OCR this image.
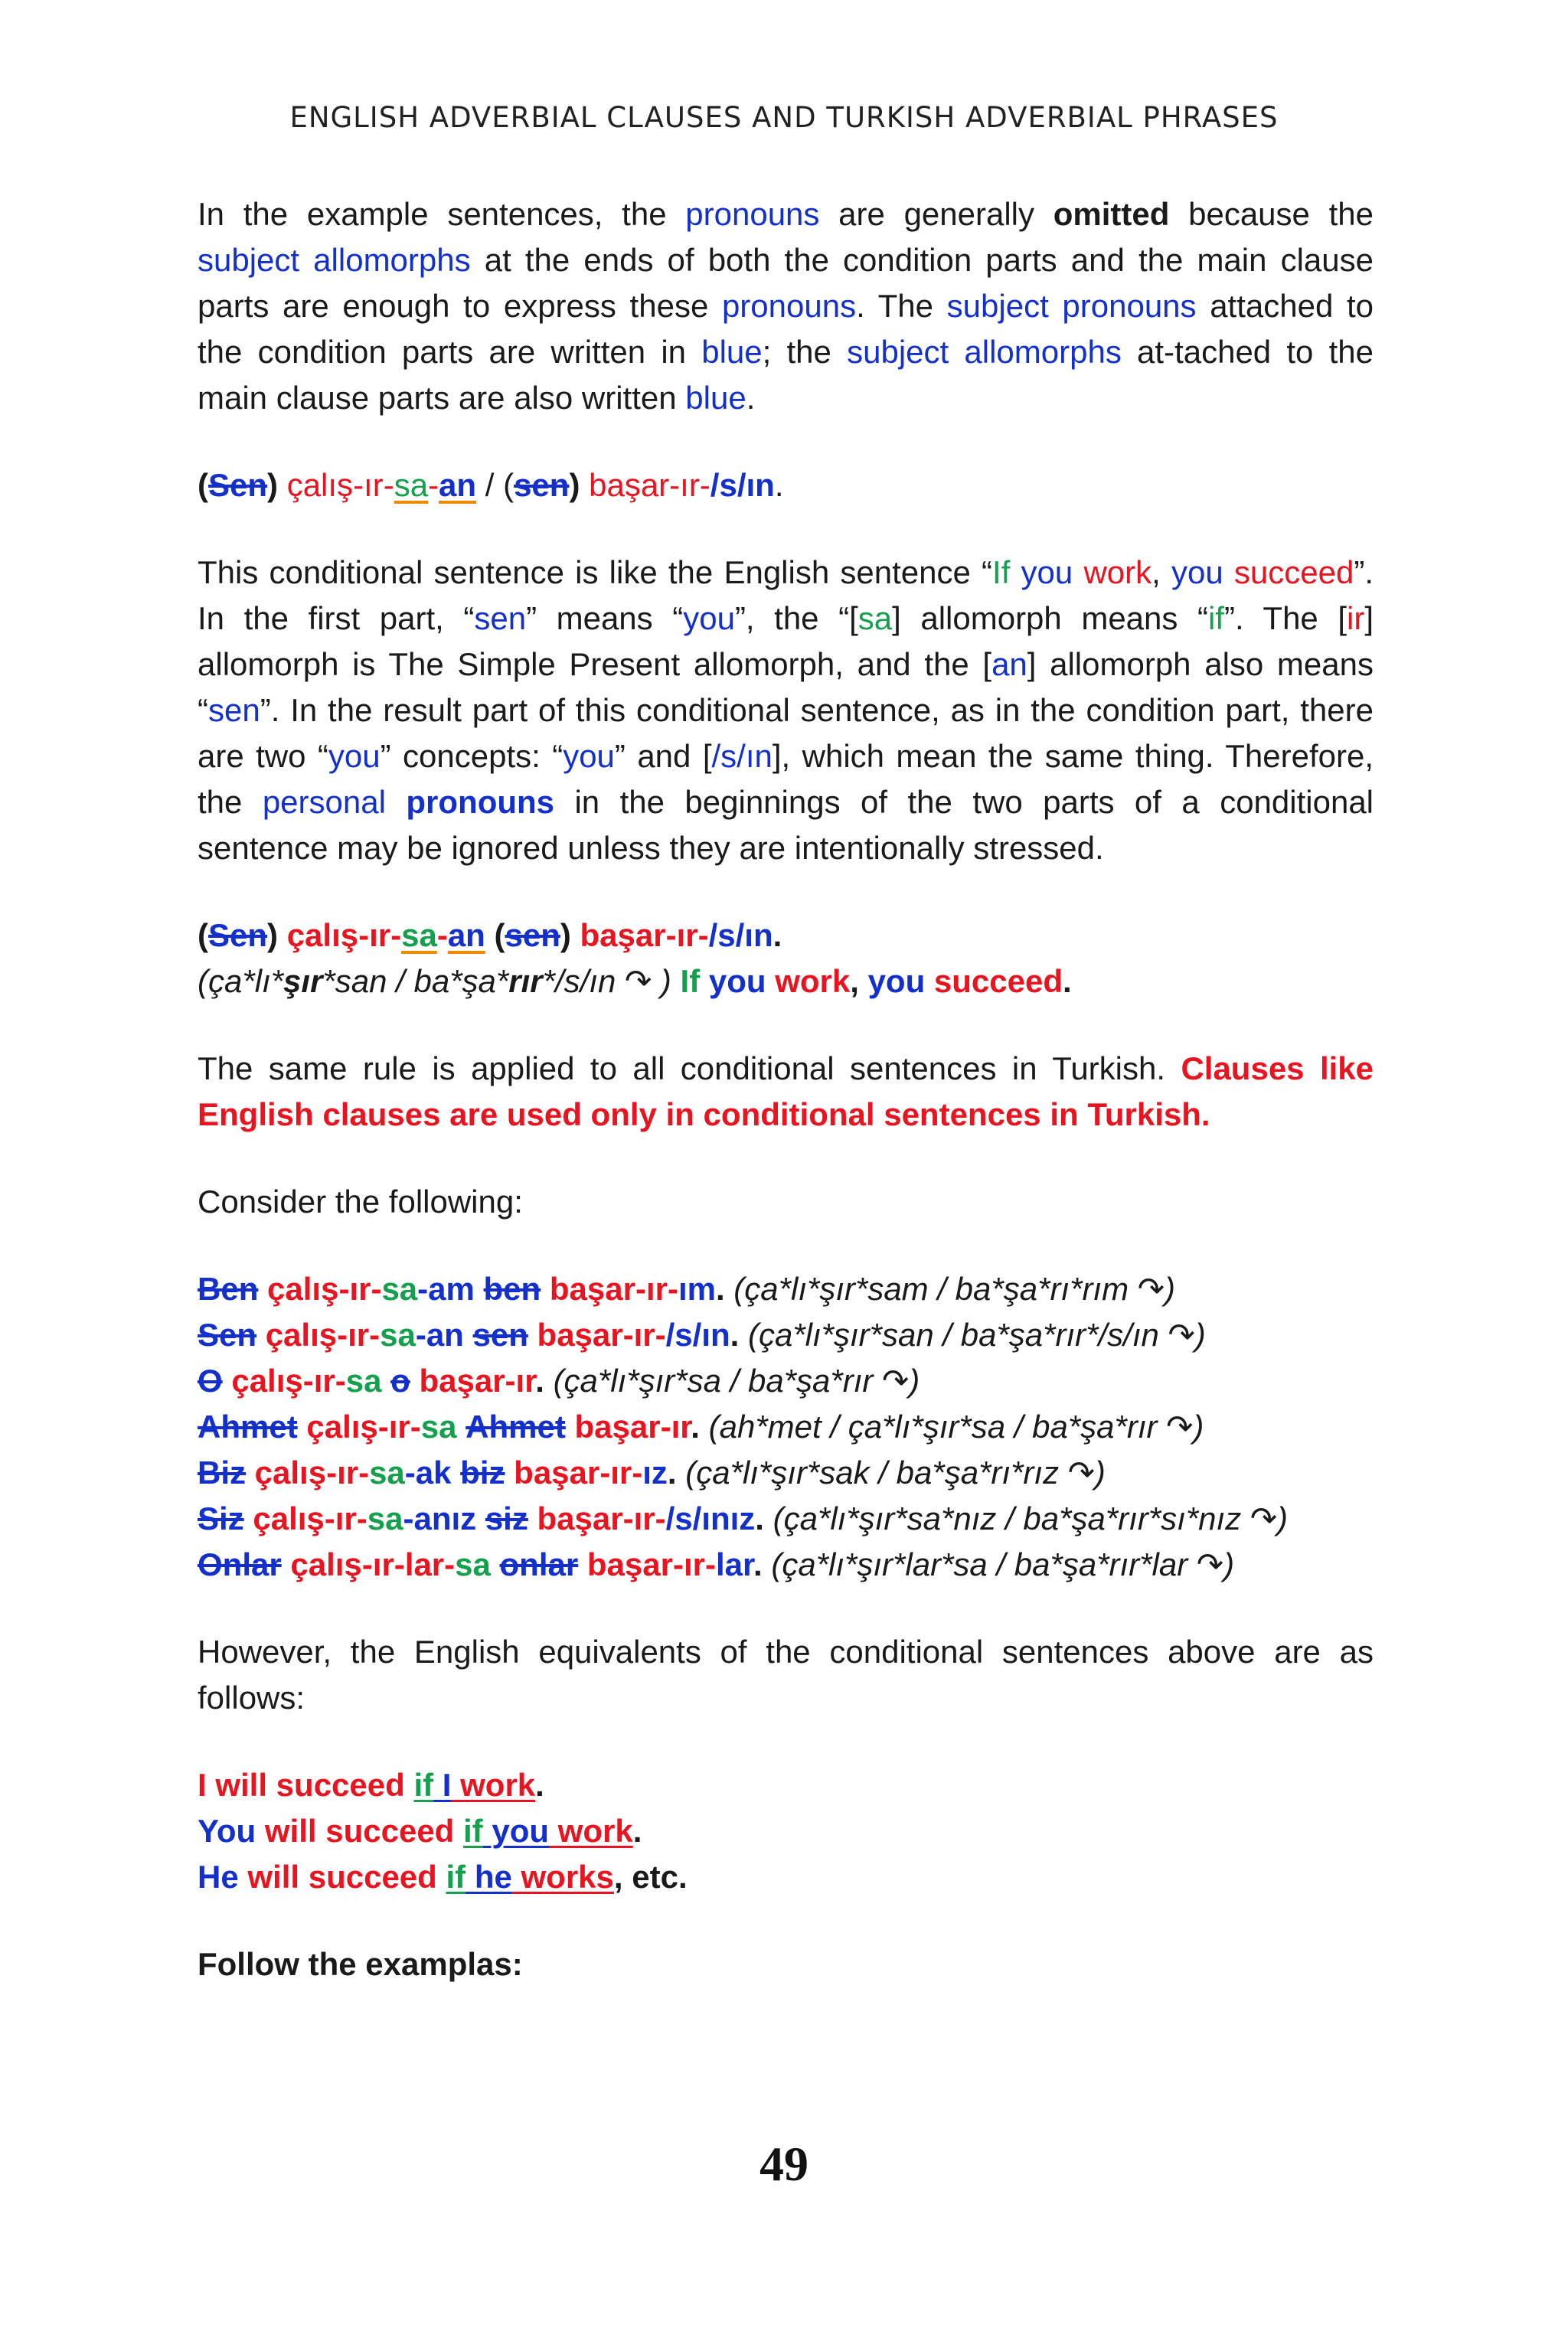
ENGLISH ADVERBIAL CLAUSES AND TURKISH ADVERBIAL PHRASES

In the example sentences, the pronouns are generally omitted because the subject allomorphs at the ends of both the condition parts and the main clause parts are enough to express these pronouns. The subject pronouns attached to the condition parts are written in blue; the subject allomorphs at-tached to the main clause parts are also written blue.

(Sen) çalış-ır-sa-an / (sen) başar-ır-/s/ın.

This conditional sentence is like the English sentence “If you work, you succeed”. In the first part, “sen” means “you”, the “[sa] allomorph means “if”. The [ir] allomorph is The Simple Present allomorph, and the [an] allomorph also means “sen”. In the result part of this conditional sentence, as in the condition part, there are two “you” concepts: “you” and [/s/ın], which mean the same thing. Therefore, the personal pronouns in the beginnings of the two parts of a conditional sentence may be ignored unless they are intentionally stressed.

(Sen) çalış-ır-sa-an (sen) başar-ır-/s/ın.
(ça*lı*şır*san / ba*şa*rır*/s/ın ↷ ) If you work, you succeed.

The same rule is applied to all conditional sentences in Turkish. Clauses like English clauses are used only in conditional sentences in Turkish.

Consider the following:

Ben çalış-ır-sa-am ben başar-ır-ım. (ça*lı*şır*sam / ba*şa*rı*rım ↷)
Sen çalış-ır-sa-an sen başar-ır-/s/ın. (ça*lı*şır*san / ba*şa*rır*/s/ın ↷)
O çalış-ır-sa o başar-ır. (ça*lı*şır*sa / ba*şa*rır ↷)
Ahmet çalış-ır-sa Ahmet başar-ır. (ah*met / ça*lı*şır*sa / ba*şa*rır ↷)
Biz çalış-ır-sa-ak biz başar-ır-ız. (ça*lı*şır*sak / ba*şa*rı*rız ↷)
Siz çalış-ır-sa-anız siz başar-ır-/s/ınız. (ça*lı*şır*sa*nız / ba*şa*rır*sı*nız ↷)
Onlar çalış-ır-lar-sa onlar başar-ır-lar. (ça*lı*şır*lar*sa / ba*şa*rır*lar ↷)

However, the English equivalents of the conditional sentences above are as follows:

I will succeed if I work.
You will succeed if you work.
He will succeed if he works, etc.

Follow the examplas:

49
